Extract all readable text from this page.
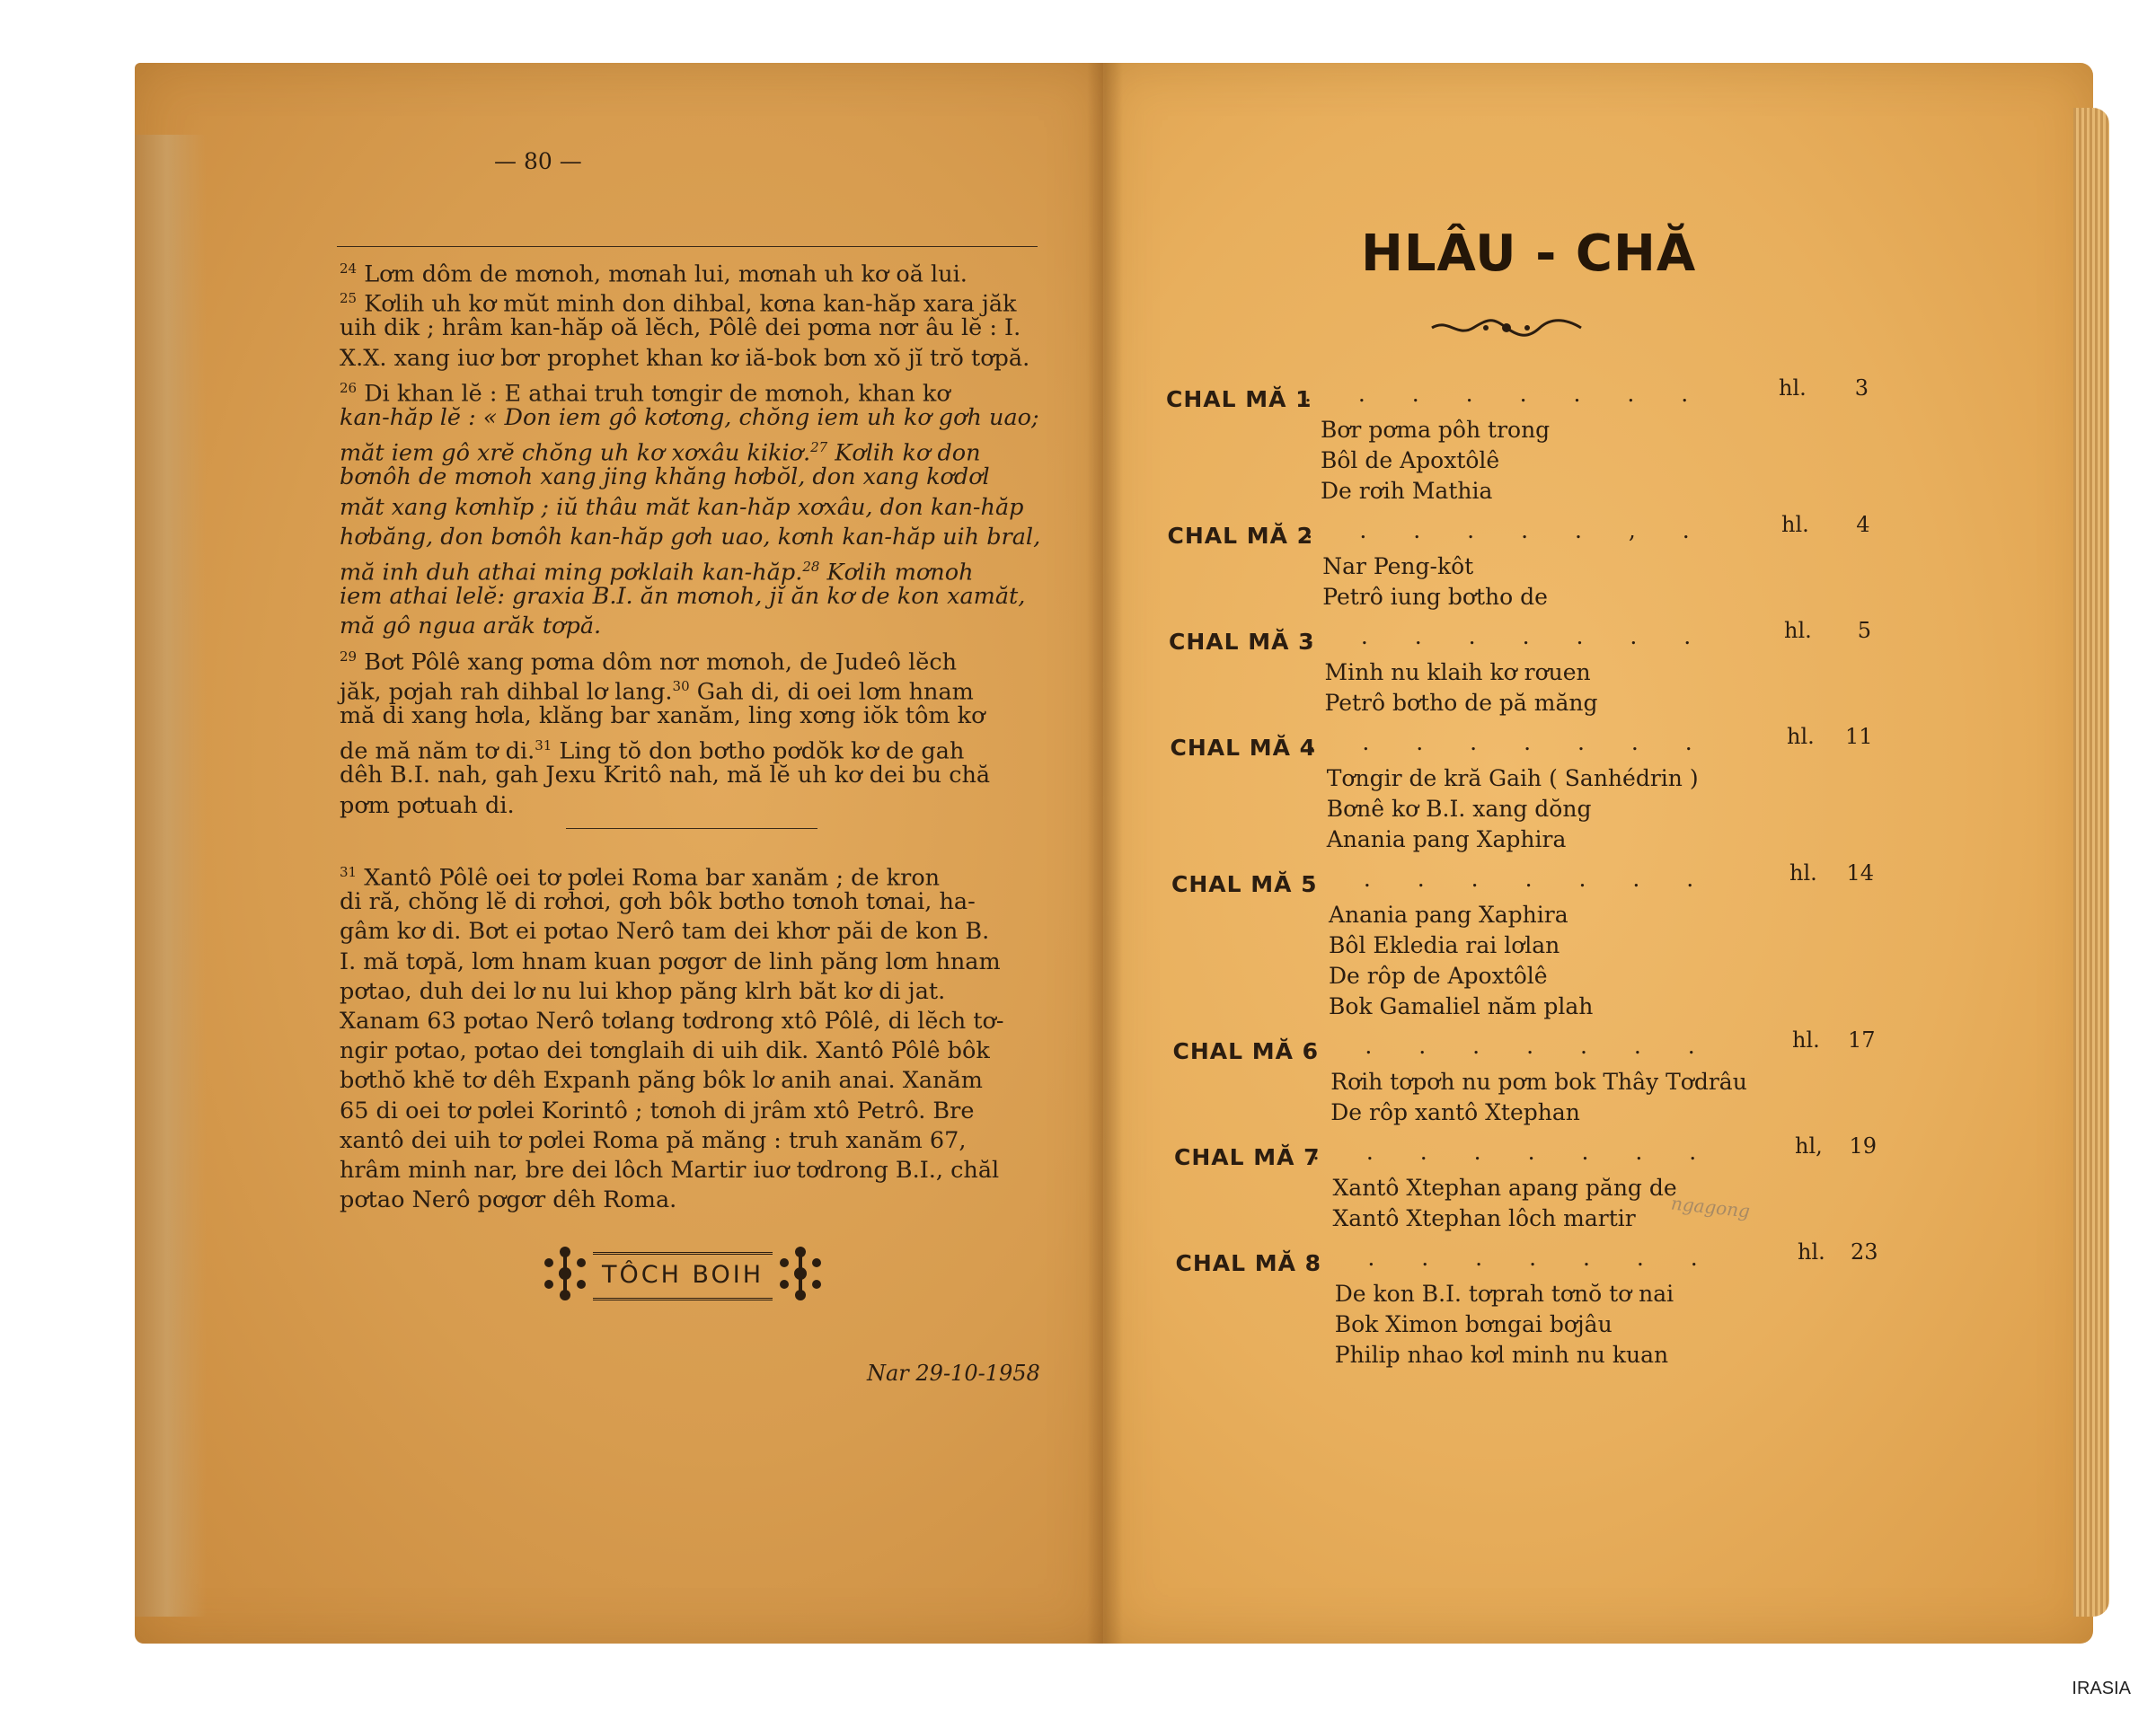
— 80 —
$^{24}$ Lơm dôm de mơnoh, mơnah lui, mơnah uh kơ oă lui.
$^{25}$ Kơlih uh kơ mŭt minh don dihbal, kơna kan-hăp xara jăk
uih dik ; hrâm kan-hăp oă lĕch, Pôlê dei pơma nơr âu lĕ : I.
X.X. xang iuơ bơr prophet khan kơ iă-bok bơn xŏ jĭ trŏ tơpă.
$^{26}$ Di khan lĕ : E athai truh tơngir de mơnoh, khan kơ
kan-hăp lĕ : « Don iem gô kơtơng, chŏng iem uh kơ gơh uao;
măt iem gô xrĕ chŏng uh kơ xơxâu kikiơ.$^{27}$ Kơlih kơ don
bơnôh de mơnoh xang jing khăng hơbŏl, don xang kơdơl
măt xang kơnhĭp ; iŭ thâu măt kan-hăp xơxâu, don kan-hăp
hơbăng, don bơnôh kan-hăp gơh uao, kơnh kan-hăp uih bral,
mă inh duh athai ming pơklaih kan-hăp.$^{28}$ Kơlih mơnoh
iem athai lelĕ: graxia B.I. ăn mơnoh, jĭ ăn kơ de kon xamăt,
mă gô ngua arăk tơpă.
$^{29}$ Bơt Pôlê xang pơma dôm nơr mơnoh, de Judeô lĕch
jăk, pơjah rah dihbal lơ lang.$^{30}$ Gah di, di oei lơm hnam
mă di xang hơla, klăng bar xanăm, ling xơng iŏk tôm kơ
de mă năm tơ di.$^{31}$ Ling tŏ don bơtho pơdŏk kơ de gah
dêh B.I. nah, gah Jexu Kritô nah, mă lĕ uh kơ dei bu chă
pơm pơtuah di.
$^{31}$ Xantô Pôlê oei tơ pơlei Roma bar xanăm ; de kron
di ră, chŏng lĕ di rơhơi, gơh bôk bơtho tơnoh tơnai, ha-
gâm kơ di. Bơt ei pơtao Nerô tam dei khơr păi de kon B.
I. mă tơpă, lơm hnam kuan pơgơr de linh păng lơm hnam
pơtao, duh dei lơ nu lui khop păng klrh băt kơ di jat.
Xanam 63 pơtao Nerô tơlang tơdrong xtô Pôlê, di lĕch tơ-
ngir pơtao, pơtao dei tơnglaih di uih dik. Xantô Pôlê bôk
bơthŏ khĕ tơ dêh Expanh păng bôk lơ anih anai. Xanăm
65 di oei tơ pơlei Korintô ; tơnoh di jrâm xtô Petrô. Bre
xantô dei uih tơ pơlei Roma pă măng : truh xanăm 67,
hrâm minh nar, bre dei lôch Martir iuơ tơdrong B.I., chăl
pơtao Nerô pơgơr dêh Roma.
TÔCH BOIH
Nar 29-10-1958
HLÂU - CHĂ
CHAL MĂ 1
. . . . . . . .	hl.	3
Bơr pơma pôh trong
Bôl de Apoxtôlê
De rơih Mathia
CHAL MĂ 2
. . . . . . , .	hl.	4
Nar Peng-kôt
Petrô iung bơtho de
CHAL MĂ 3
. . . . . . . .	hl.	5
Minh nu klaih kơ rơuen
Petrô bơtho de pă măng
CHAL MĂ 4
. . . . . . . .	hl.	11
Tơngir de kră Gaih ( Sanhédrin )
Bơnê kơ B.I. xang dŏng
Anania pang Xaphira
CHAL MĂ 5
. . . . . . . .	hl.	14
Anania pang Xaphira
Bôl Ekledia rai lơlan
De rôp de Apoxtôlê
Bok Gamaliel năm plah
CHAL MĂ 6
. . . . . . . .	hl.	17
Rơih tơpơh nu pơm bok Thây Tơdrâu
De rôp xantô Xtephan
CHAL MĂ 7
. . . . . . . .	hl,	19
Xantô Xtephan apang păng de
Xantô Xtephan lôch martir
CHAL MĂ 8
. . . . . . . .	hl.	23
De kon B.I. tơprah tơnŏ tơ nai
Bok Ximon bơngai bơjâu
Philip nhao kơl minh nu kuan
ngagong
IRASIA
